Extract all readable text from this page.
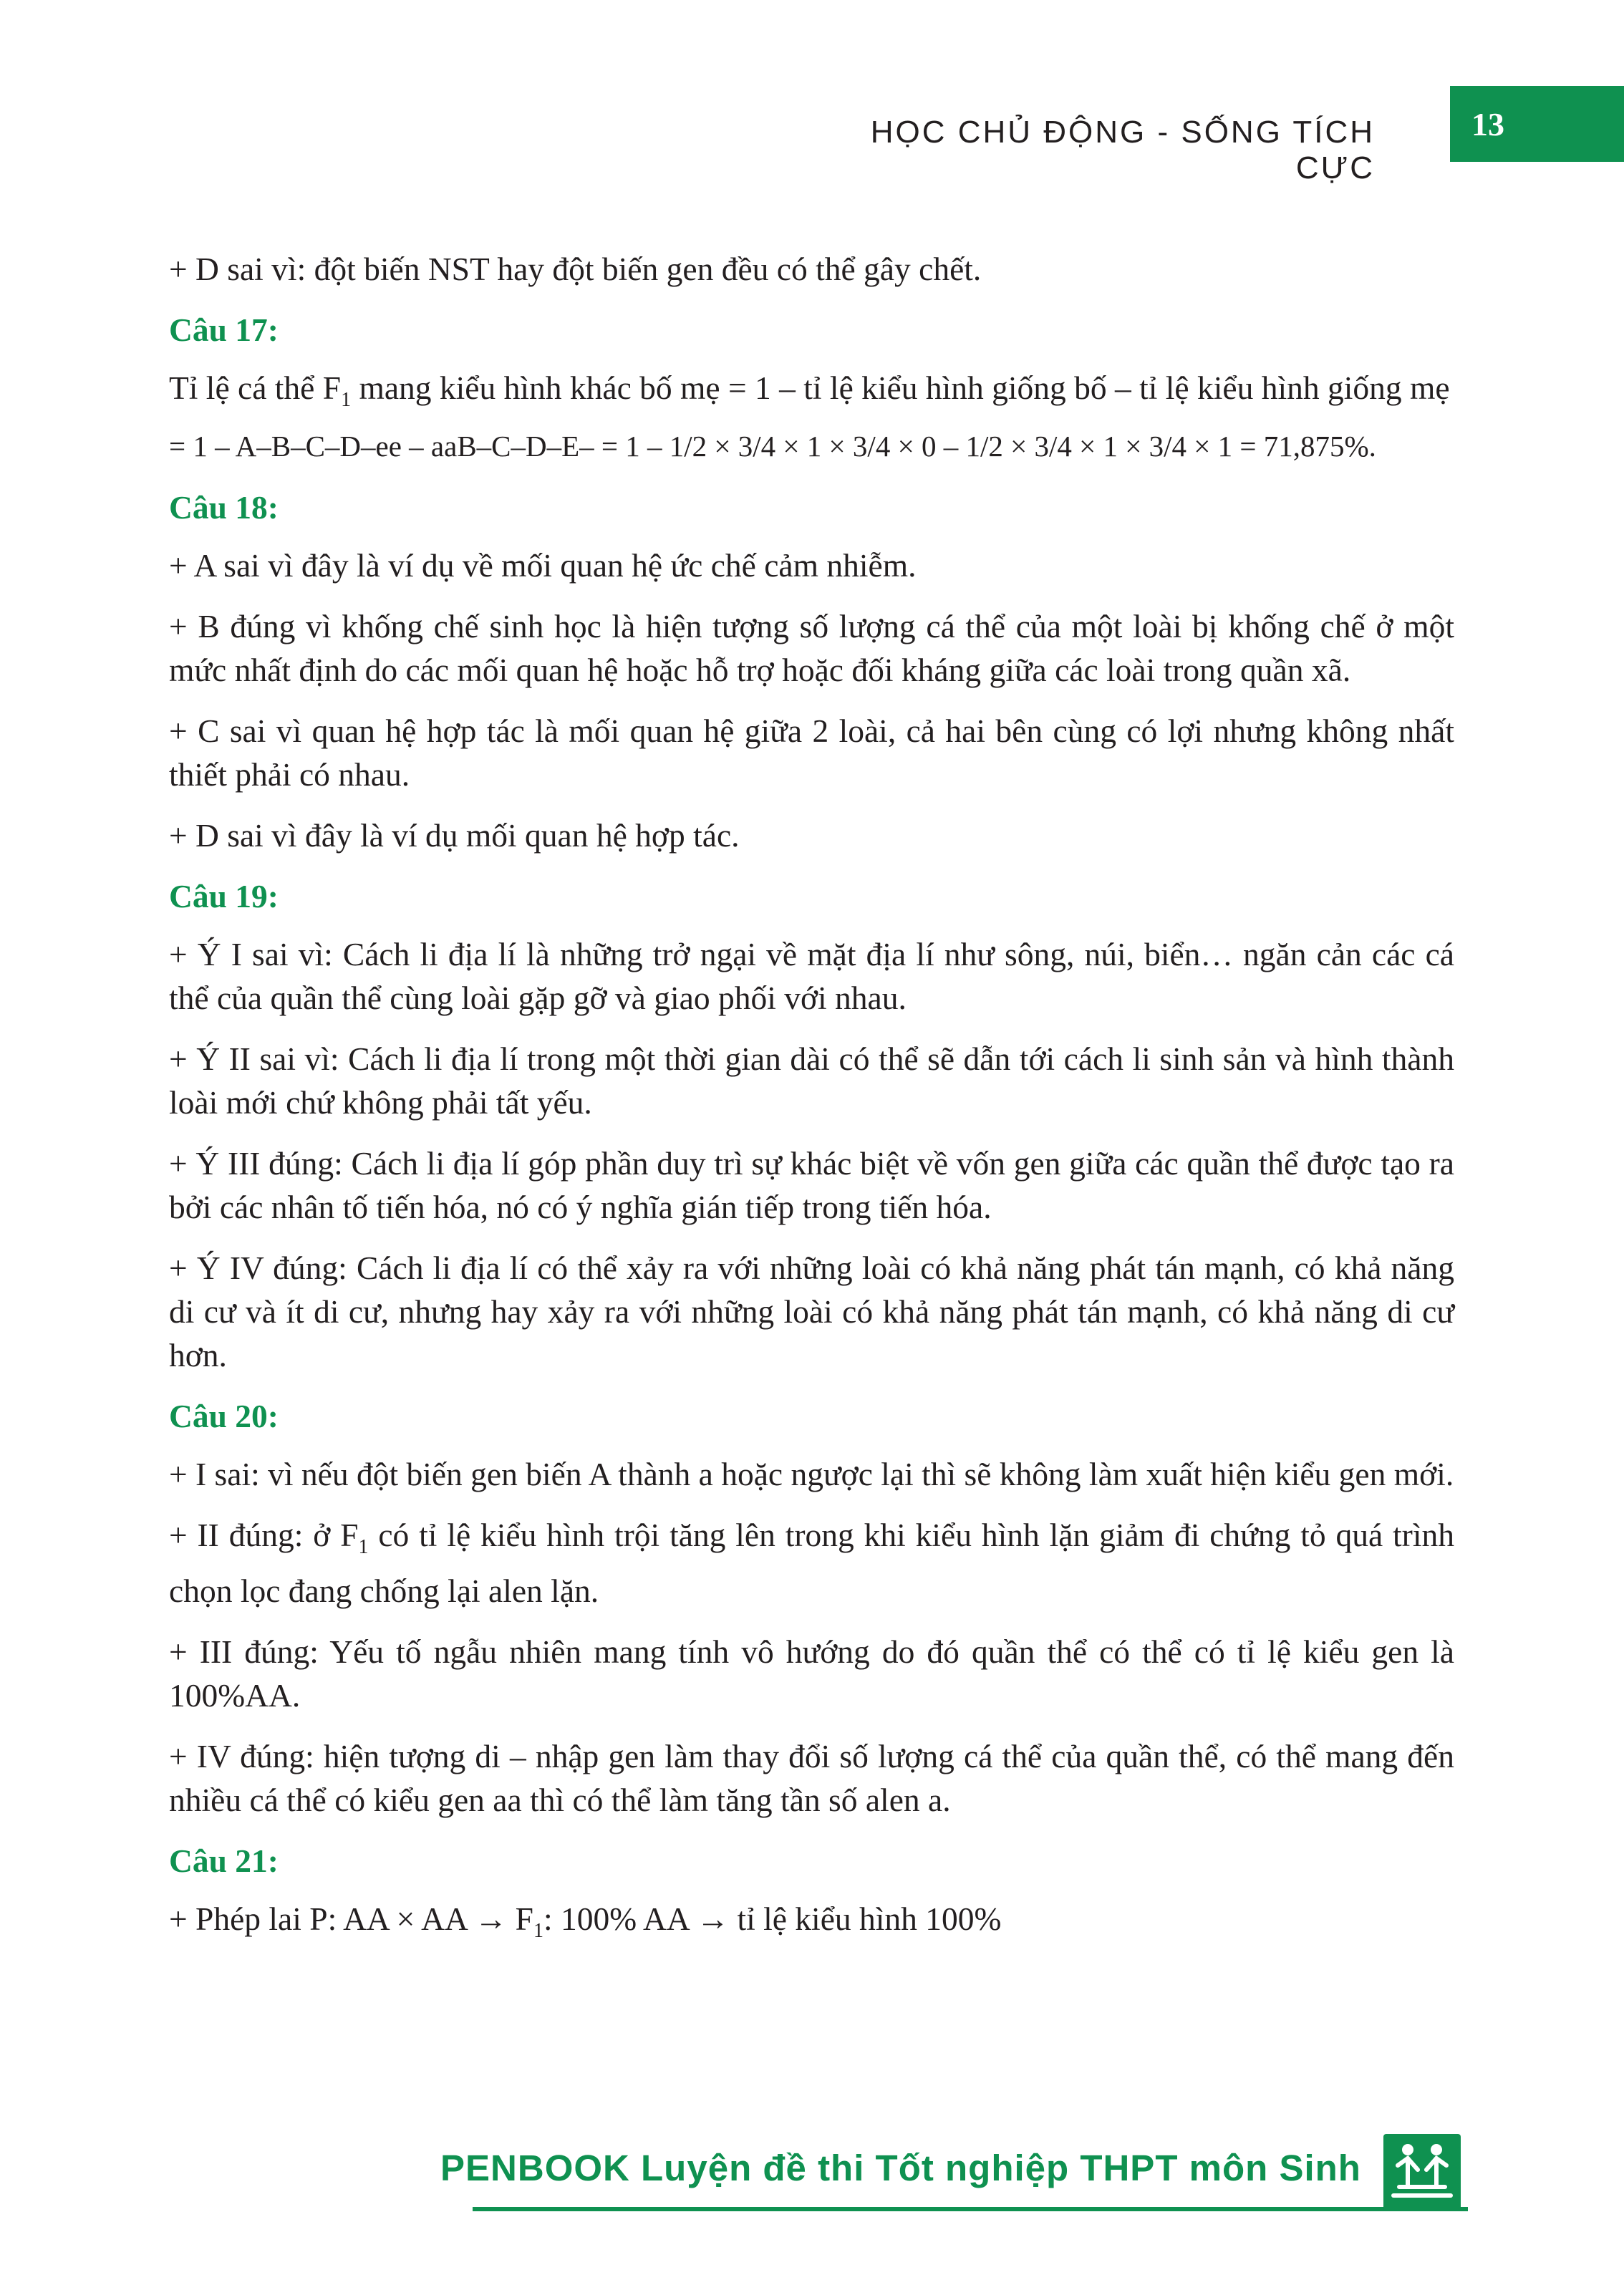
HỌC CHỦ ĐỘNG - SỐNG TÍCH CỰC
13

+ D sai vì: đột biến NST hay đột biến gen đều có thể gây chết.

Câu 17:

Tỉ lệ cá thể $F_1$ mang kiểu hình khác bố mẹ = 1 – tỉ lệ kiểu hình giống bố – tỉ lệ kiểu hình giống mẹ

= 1 – A–B–C–D–ee – aaB–C–D–E– = 1 – 1/2 × 3/4 × 1 × 3/4 × 0 – 1/2 × 3/4 × 1 × 3/4 × 1 = 71,875%.

Câu 18:

+ A sai vì đây là ví dụ về mối quan hệ ức chế cảm nhiễm.

+ B đúng vì khống chế sinh học là hiện tượng số lượng cá thể của một loài bị khống chế ở một mức nhất định do các mối quan hệ hoặc hỗ trợ hoặc đối kháng giữa các loài trong quần xã.

+ C sai vì quan hệ hợp tác là mối quan hệ giữa 2 loài, cả hai bên cùng có lợi nhưng không nhất thiết phải có nhau.

+ D sai vì đây là ví dụ mối quan hệ hợp tác.

Câu 19:

+ Ý I sai vì: Cách li địa lí là những trở ngại về mặt địa lí như sông, núi, biển… ngăn cản các cá thể của quần thể cùng loài gặp gỡ và giao phối với nhau.

+ Ý II sai vì: Cách li địa lí trong một thời gian dài có thể sẽ dẫn tới cách li sinh sản và hình thành loài mới chứ không phải tất yếu.

+ Ý III đúng: Cách li địa lí góp phần duy trì sự khác biệt về vốn gen giữa các quần thể được tạo ra bởi các nhân tố tiến hóa, nó có ý nghĩa gián tiếp trong tiến hóa.

+ Ý IV đúng: Cách li địa lí có thể xảy ra với những loài có khả năng phát tán mạnh, có khả năng di cư và ít di cư, nhưng hay xảy ra với những loài có khả năng phát tán mạnh, có khả năng di cư hơn.

Câu 20:

+ I sai: vì nếu đột biến gen biến A thành a hoặc ngược lại thì sẽ không làm xuất hiện kiểu gen mới.

+ II đúng: ở $F_1$ có tỉ lệ kiểu hình trội tăng lên trong khi kiểu hình lặn giảm đi chứng tỏ quá trình chọn lọc đang chống lại alen lặn.

+ III đúng: Yếu tố ngẫu nhiên mang tính vô hướng do đó quần thể có thể có tỉ lệ kiểu gen là 100%AA.

+ IV đúng: hiện tượng di – nhập gen làm thay đổi số lượng cá thể của quần thể, có thể mang đến nhiều cá thể có kiểu gen aa thì có thể làm tăng tần số alen a.

Câu 21:

+ Phép lai P: AA × AA → $F_1$: 100% AA → tỉ lệ kiểu hình 100%

PENBOOK Luyện đề thi Tốt nghiệp THPT môn Sinh
